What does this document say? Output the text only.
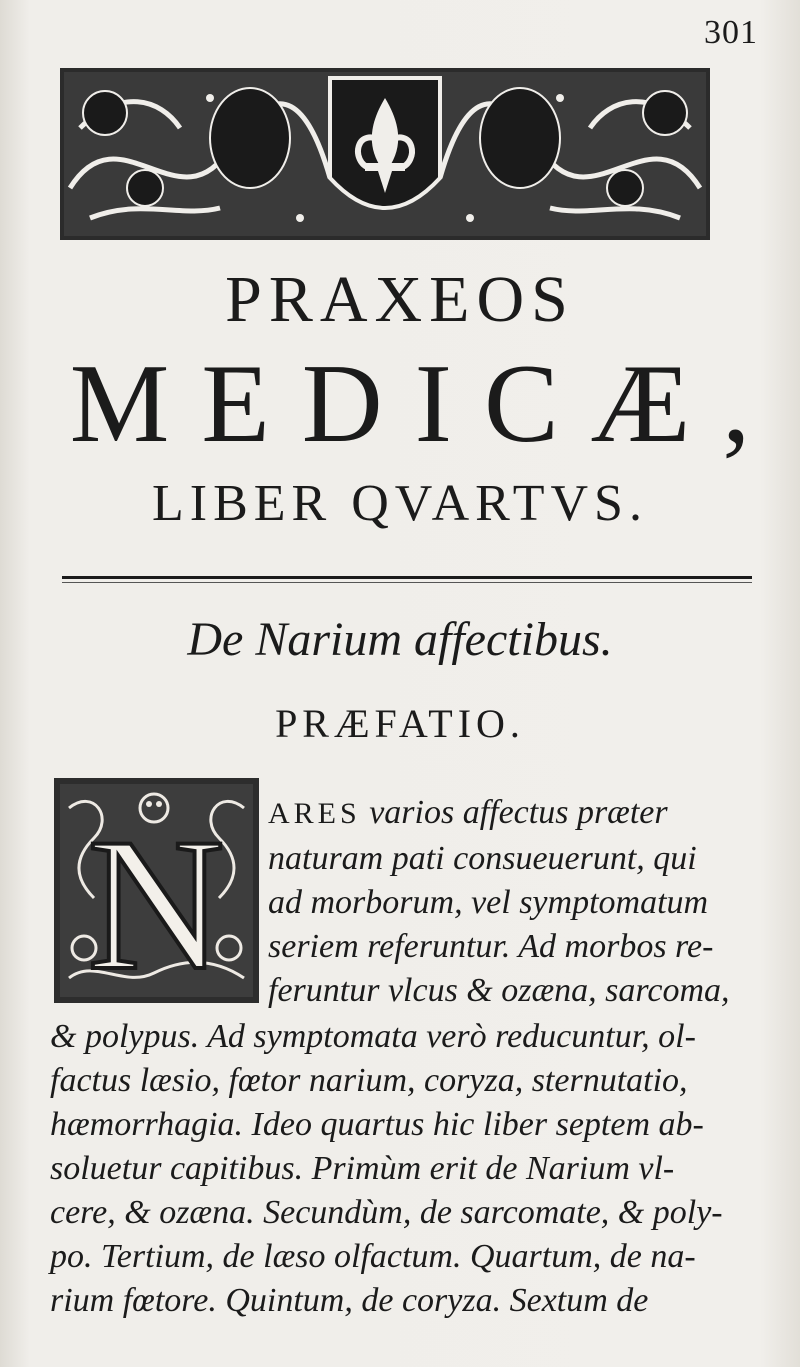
301
PRAXEOS
MEDICÆ,
LIBER QVARTVS.
De Narium affectibus.
PRÆFATIO.
N ARES varios affectus præter
naturam pati consueuerunt, qui
ad morborum, vel symptomatum
seriem referuntur. Ad morbos re-
feruntur vlcus & ozæna, sarcoma,
& polypus. Ad symptomata verò reducuntur, ol-
factus læsio, fœtor narium, coryza, sternutatio,
hæmorrhagia. Ideo quartus hic liber septem ab-
soluetur capitibus. Primùm erit de Narium vl-
cere, & ozæna. Secundùm, de sarcomate, & poly-
po. Tertium, de læso olfactum. Quartum, de na-
rium fœtore. Quintum, de coryza. Sextum de
